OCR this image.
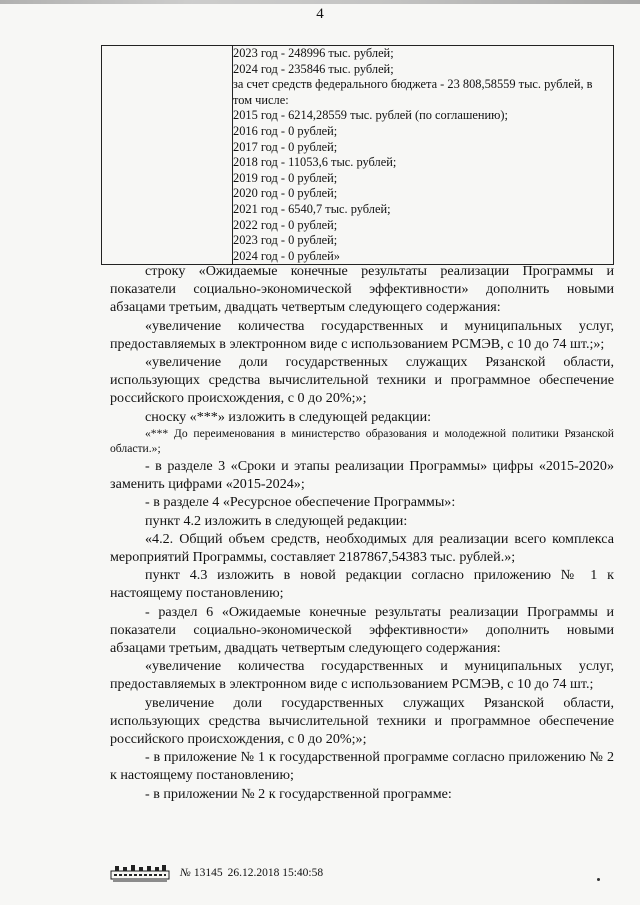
4

2023 год - 248996 тыс. рублей;
2024 год - 235846 тыс. рублей;
за счет средств федерального бюджета - 23 808,58559 тыс. рублей, в том числе:
2015 год - 6214,28559 тыс. рублей (по соглашению);
2016 год - 0 рублей;
2017 год - 0 рублей;
2018 год - 11053,6 тыс. рублей;
2019 год - 0 рублей;
2020 год - 0 рублей;
2021 год - 6540,7 тыс. рублей;
2022 год - 0 рублей;
2023 год - 0 рублей;
2024 год - 0 рублей»

строку «Ожидаемые конечные результаты реализации Программы и показатели социально-экономической эффективности» дополнить новыми абзацами третьим, двадцать четвертым следующего содержания:

«увеличение количества государственных и муниципальных услуг, предоставляемых в электронном виде с использованием РСМЭВ, с 10 до 74 шт.;»;

«увеличение доли государственных служащих Рязанской области, использующих средства вычислительной техники и программное обеспечение российского происхождения, с 0 до 20%;»;

сноску «***» изложить в следующей редакции:

«*** До переименования в министерство образования и молодежной политики Рязанской области.»;

- в разделе 3 «Сроки и этапы реализации Программы» цифры «2015-2020» заменить цифрами «2015-2024»;

- в разделе 4 «Ресурсное обеспечение Программы»:

пункт 4.2 изложить в следующей редакции:

«4.2. Общий объем средств, необходимых для реализации всего комплекса мероприятий Программы, составляет 2187867,54383 тыс. рублей.»;

пункт 4.3 изложить в новой редакции согласно приложению № 1 к настоящему постановлению;

- раздел 6 «Ожидаемые конечные результаты реализации Программы и показатели социально-экономической эффективности» дополнить новыми абзацами третьим, двадцать четвертым следующего содержания:

«увеличение количества государственных и муниципальных услуг, предоставляемых в электронном виде с использованием РСМЭВ, с 10 до 74 шт.;

увеличение доли государственных служащих Рязанской области, использующих средства вычислительной техники и программное обеспечение российского происхождения, с 0 до 20%;»;

- в приложение № 1 к государственной программе согласно приложению № 2 к настоящему постановлению;

- в приложении № 2 к государственной программе:

№ 13145 26.12.2018 15:40:58
